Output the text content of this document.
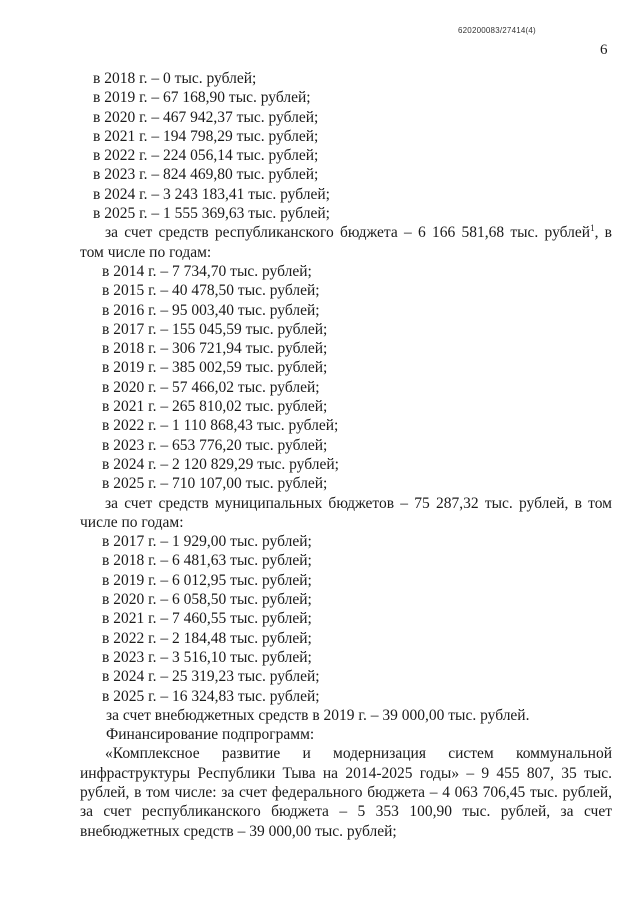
620200083/27414(4)
6
в 2018 г. – 0 тыс. рублей;
в 2019 г. – 67 168,90 тыс. рублей;
в 2020 г. – 467 942,37 тыс. рублей;
в 2021 г. – 194 798,29 тыс. рублей;
в 2022 г. – 224 056,14 тыс. рублей;
в 2023 г. – 824 469,80 тыс. рублей;
в 2024 г. – 3 243 183,41 тыс. рублей;
в 2025 г. – 1 555 369,63 тыс. рублей;

за счет средств республиканского бюджета – 6 166 581,68 тыс. рублей$^1$, в том числе по годам:

в 2014 г. – 7 734,70 тыс. рублей;
в 2015 г. – 40 478,50 тыс. рублей;
в 2016 г. – 95 003,40 тыс. рублей;
в 2017 г. – 155 045,59 тыс. рублей;
в 2018 г. – 306 721,94 тыс. рублей;
в 2019 г. – 385 002,59 тыс. рублей;
в 2020 г. – 57 466,02 тыс. рублей;
в 2021 г. – 265 810,02 тыс. рублей;
в 2022 г. – 1 110 868,43 тыс. рублей;
в 2023 г. – 653 776,20 тыс. рублей;
в 2024 г. – 2 120 829,29 тыс. рублей;
в 2025 г. – 710 107,00 тыс. рублей;

за счет средств муниципальных бюджетов – 75 287,32 тыс. рублей, в том числе по годам:

в 2017 г. – 1 929,00 тыс. рублей;
в 2018 г. – 6 481,63 тыс. рублей;
в 2019 г. – 6 012,95 тыс. рублей;
в 2020 г. – 6 058,50 тыс. рублей;
в 2021 г. – 7 460,55 тыс. рублей;
в 2022 г. – 2 184,48 тыс. рублей;
в 2023 г. – 3 516,10 тыс. рублей;
в 2024 г. – 25 319,23 тыс. рублей;
в 2025 г. – 16 324,83 тыс. рублей;
за счет внебюджетных средств в 2019 г. – 39 000,00 тыс. рублей.
Финансирование подпрограмм:

«Комплексное развитие и модернизация систем коммунальной инфраструктуры Республики Тыва на 2014-2025 годы» – 9 455 807, 35 тыс. рублей, в том числе: за счет федерального бюджета – 4 063 706,45 тыс. рублей, за счет республиканского бюджета – 5 353 100,90 тыс. рублей, за счет внебюджетных средств – 39 000,00 тыс. рублей;
